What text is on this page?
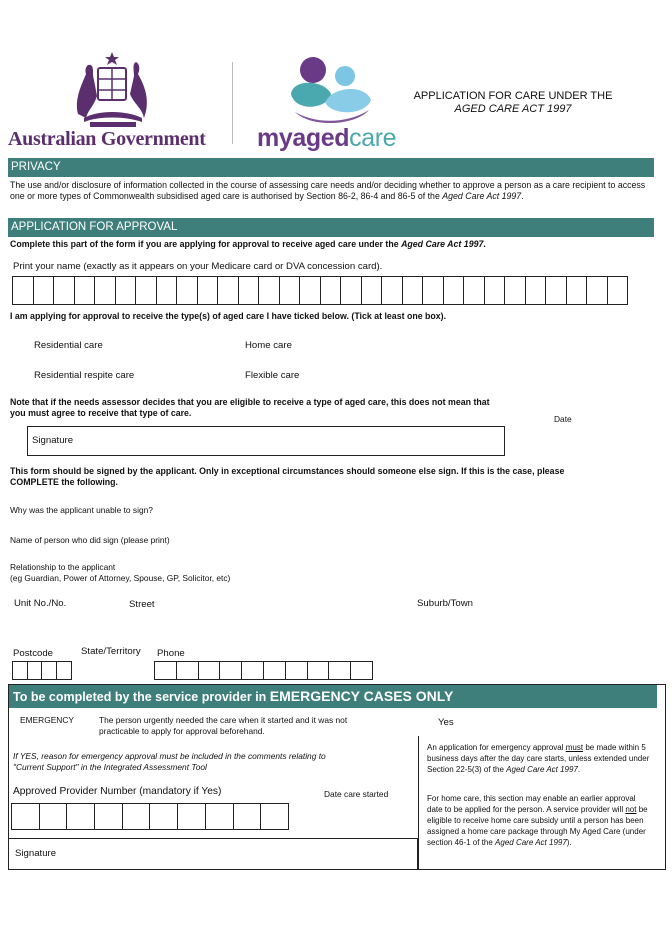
Australian Government myagedcare
APPLICATION FOR CARE UNDER THE
AGED CARE ACT 1997
PRIVACY
The use and/or disclosure of information collected in the course of assessing care needs and/or deciding whether to approve a person as a care recipient to access one or more types of Commonwealth subsidised aged care is authorised by Section 86-2, 86-4 and 86-5 of the Aged Care Act 1997.
APPLICATION FOR APPROVAL
Complete this part of the form if you are applying for approval to receive aged care under the Aged Care Act 1997.
Print your name (exactly as it appears on your Medicare card or DVA concession card).
I am applying for approval to receive the type(s) of aged care I have ticked below. (Tick at least one box).
Residential care	Home care
Residential respite care	Flexible care
Note that if the needs assessor decides that you are eligible to receive a type of aged care, this does not mean that
you must agree to receive that type of care.
Date
Signature
This form should be signed by the applicant. Only in exceptional circumstances should someone else sign. If this is the case, please
COMPLETE the following.
Why was the applicant unable to sign?
Name of person who did sign (please print)
Relationship to the applicant
(eg Guardian, Power of Attorney, Spouse, GP, Solicitor, etc)
Unit No./No.	Street	Suburb/Town
Postcode	State/Territory Phone
To be completed by the service provider in EMERGENCY CASES ONLY
EMERGENCY	The person urgently needed the care when it started and it was not
practicable to apply for approval beforehand.
Yes
If YES, reason for emergency approval must be included in the comments relating to
"Current Support" in the Integrated Assessment Tool
Approved Provider Number (mandatory if Yes)	Date care started
Signature
An application for emergency approval must be made within 5 business days after the day care starts, unless extended under Section 22-5(3) of the Aged Care Act 1997.
For home care, this section may enable an earlier approval date to be applied for the person. A service provider will not be eligible to receive home care subsidy until a person has been assigned a home care package through My Aged Care (under section 46-1 of the Aged Care Act 1997).
